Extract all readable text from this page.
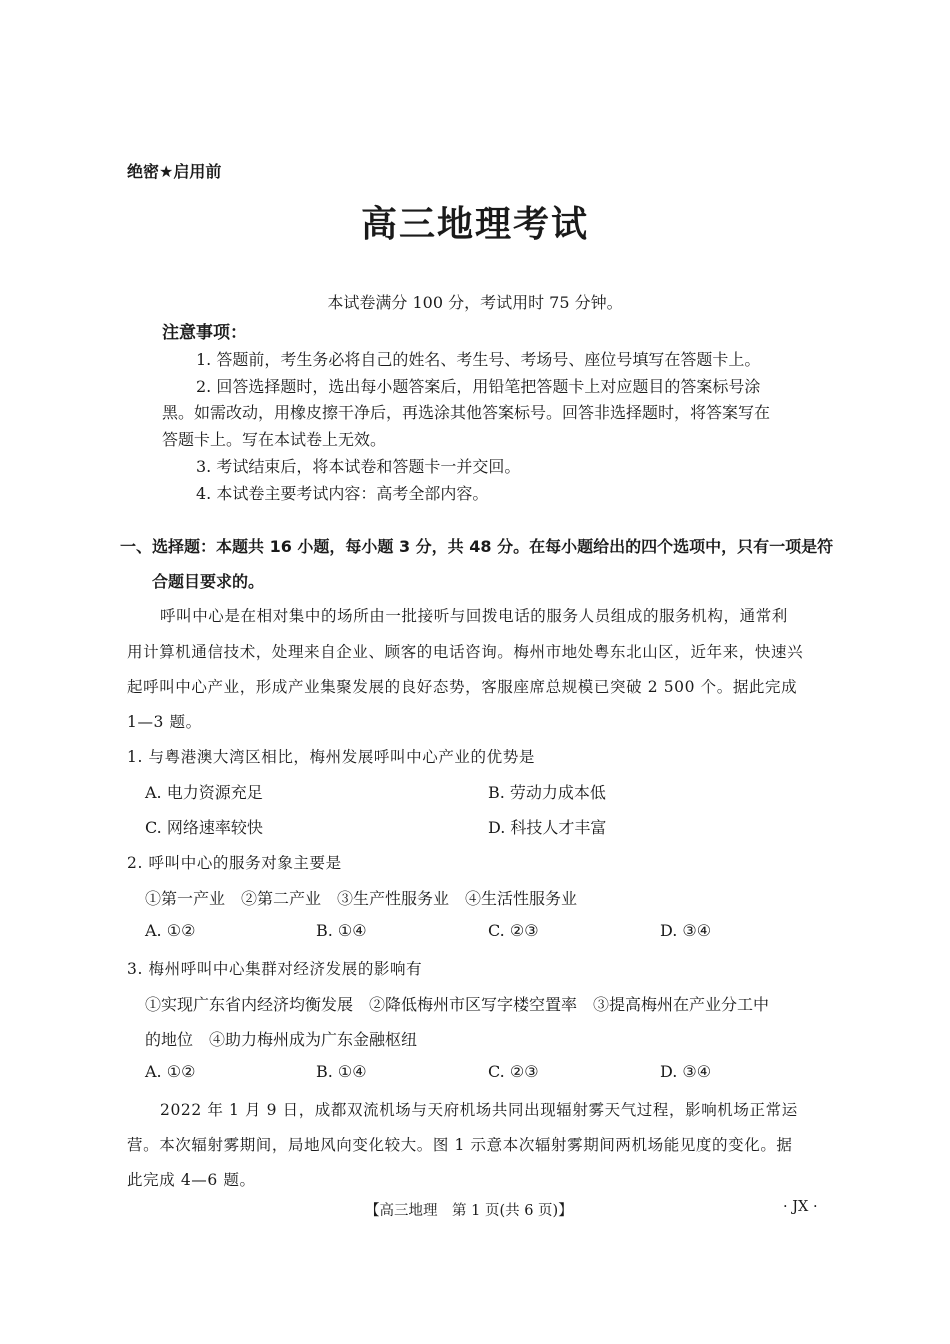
绝密★启用前
高三地理考试
本试卷满分 100 分，考试用时 75 分钟。
注意事项：
1. 答题前，考生务必将自己的姓名、考生号、考场号、座位号填写在答题卡上。
2. 回答选择题时，选出每小题答案后，用铅笔把答题卡上对应题目的答案标号涂
黑。如需改动，用橡皮擦干净后，再选涂其他答案标号。回答非选择题时，将答案写在
答题卡上。写在本试卷上无效。
3. 考试结束后，将本试卷和答题卡一并交回。
4. 本试卷主要考试内容：高考全部内容。
一、选择题：本题共 16 小题，每小题 3 分，共 48 分。在每小题给出的四个选项中，只有一项是符
合题目要求的。
呼叫中心是在相对集中的场所由一批接听与回拨电话的服务人员组成的服务机构，通常利
用计算机通信技术，处理来自企业、顾客的电话咨询。梅州市地处粤东北山区，近年来，快速兴
起呼叫中心产业，形成产业集聚发展的良好态势，客服座席总规模已突破 2 500 个。据此完成
1—3 题。
1. 与粤港澳大湾区相比，梅州发展呼叫中心产业的优势是
A. 电力资源充足	B. 劳动力成本低
C. 网络速率较快	D. 科技人才丰富
2. 呼叫中心的服务对象主要是
①第一产业　②第二产业　③生产性服务业　④生活性服务业
A. ①②	B. ①④	C. ②③	D. ③④
3. 梅州呼叫中心集群对经济发展的影响有
①实现广东省内经济均衡发展　②降低梅州市区写字楼空置率　③提高梅州在产业分工中
的地位　④助力梅州成为广东金融枢纽
A. ①②	B. ①④	C. ②③	D. ③④
2022 年 1 月 9 日，成都双流机场与天府机场共同出现辐射雾天气过程，影响机场正常运
营。本次辐射雾期间，局地风向变化较大。图 1 示意本次辐射雾期间两机场能见度的变化。据
此完成 4—6 题。
【高三地理　第 1 页(共 6 页)】	· JX ·
